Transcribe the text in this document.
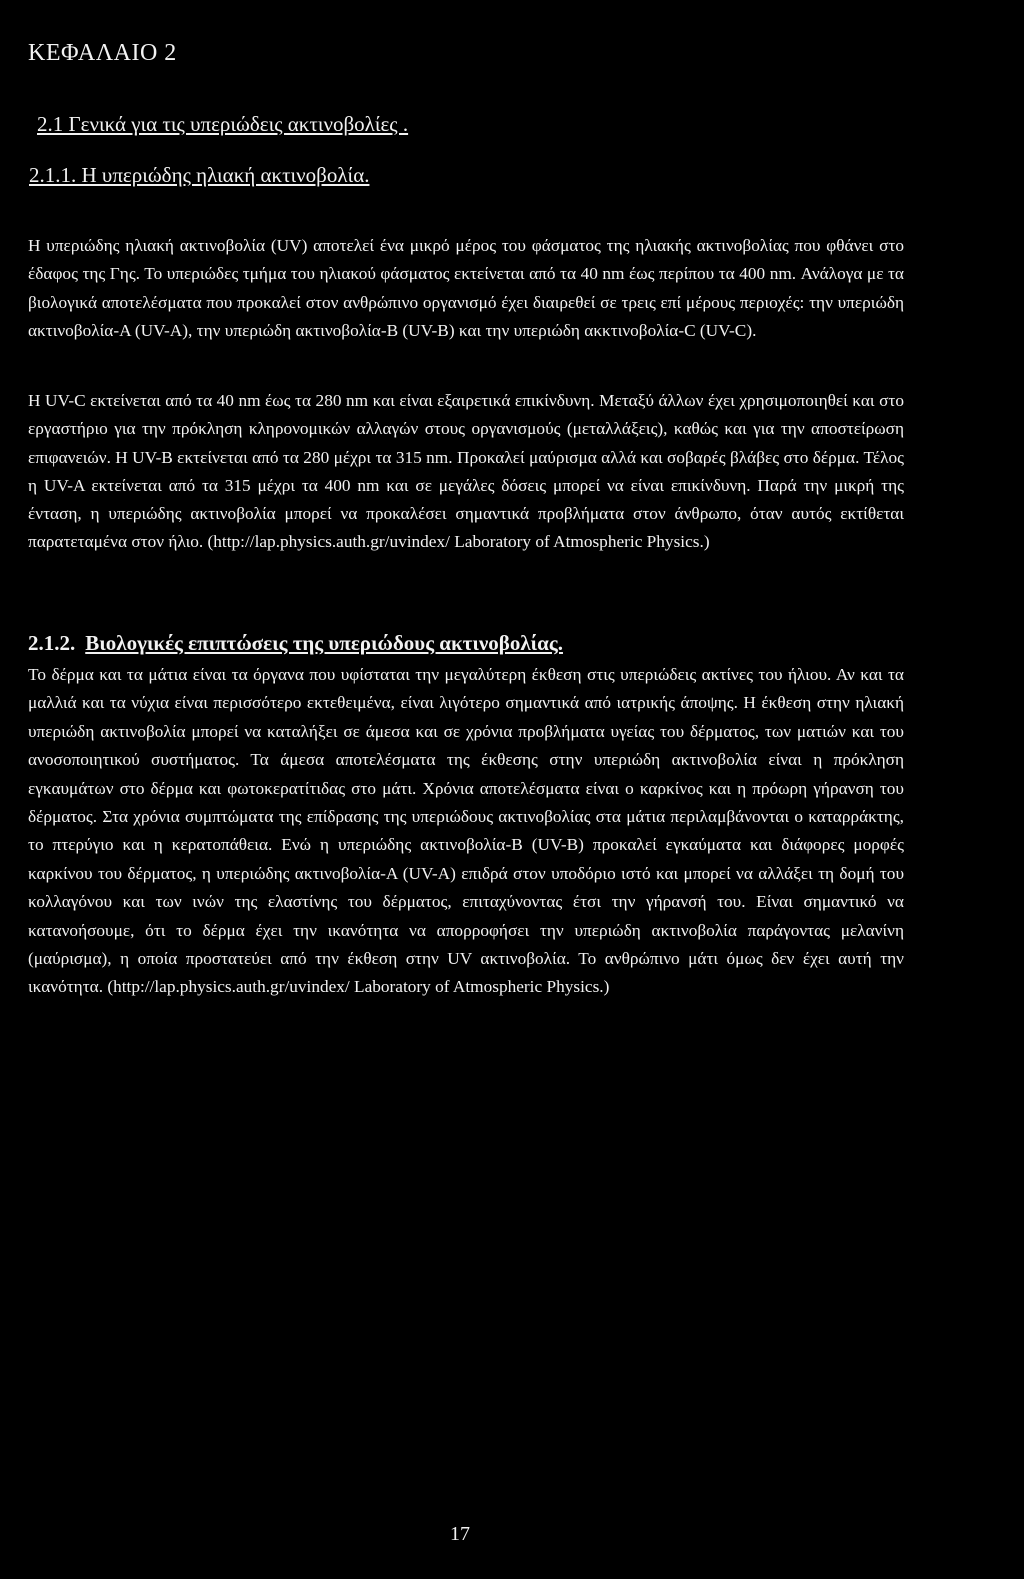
ΚΕΦΑΛΑΙΟ 2
2.1 Γενικά για τις υπεριώδεις ακτινοβολίες .
2.1.1. Η υπεριώδης ηλιακή ακτινοβολία.

Η υπεριώδης ηλιακή ακτινοβολία (UV) αποτελεί ένα μικρό μέρος του φάσματος της ηλιακής ακτινοβολίας που φθάνει στο έδαφος της Γης. Το υπεριώδες τμήμα του ηλιακού φάσματος εκτείνεται από τα 40 nm έως περίπου τα 400 nm. Ανάλογα με τα βιολογικά αποτελέσματα που προκαλεί στον ανθρώπινο οργανισμό έχει διαιρεθεί σε τρεις επί μέρους περιοχές: την υπεριώδη ακτινοβολία-A (UV-A), την υπεριώδη ακτινοβολία-B (UV-B) και την υπεριώδη ακκτινοβολία-C (UV-C).

Η UV-C εκτείνεται από τα 40 nm έως τα 280 nm και είναι εξαιρετικά επικίνδυνη. Μεταξύ άλλων έχει χρησιμοποιηθεί και στο εργαστήριο για την πρόκληση κληρονομικών αλλαγών στους οργανισμούς (μεταλλάξεις), καθώς και για την αποστείρωση επιφανειών. Η UV-B εκτείνεται από τα 280 μέχρι τα 315 nm. Προκαλεί μαύρισμα αλλά και σοβαρές βλάβες στο δέρμα. Τέλος η UV-A εκτείνεται από τα 315 μέχρι τα 400 nm και σε μεγάλες δόσεις μπορεί να είναι επικίνδυνη. Παρά την μικρή της ένταση, η υπεριώδης ακτινοβολία μπορεί να προκαλέσει σημαντικά προβλήματα στον άνθρωπο, όταν αυτός εκτίθεται παρατεταμένα στον ήλιο. (http://lap.physics.auth.gr/uvindex/ Laboratory of Atmospheric Physics.)

2.1.2. Βιολογικές επιπτώσεις της υπεριώδους ακτινοβολίας.

Το δέρμα και τα μάτια είναι τα όργανα που υφίσταται την μεγαλύτερη έκθεση στις υπεριώδεις ακτίνες του ήλιου. Αν και τα μαλλιά και τα νύχια είναι περισσότερο εκτεθειμένα, είναι λιγότερο σημαντικά από ιατρικής άποψης. Η έκθεση στην ηλιακή υπεριώδη ακτινοβολία μπορεί να καταλήξει σε άμεσα και σε χρόνια προβλήματα υγείας του δέρματος, των ματιών και του ανοσοποιητικού συστήματος. Τα άμεσα αποτελέσματα της έκθεσης στην υπεριώδη ακτινοβολία είναι η πρόκληση εγκαυμάτων στο δέρμα και φωτοκερατίτιδας στο μάτι. Χρόνια αποτελέσματα είναι ο καρκίνος και η πρόωρη γήρανση του δέρματος. Στα χρόνια συμπτώματα της επίδρασης της υπεριώδους ακτινοβολίας στα μάτια περιλαμβάνονται ο καταρράκτης, το πτερύγιο και η κερατοπάθεια. Ενώ η υπεριώδης ακτινοβολία-B (UV-B) προκαλεί εγκαύματα και διάφορες μορφές καρκίνου του δέρματος, η υπεριώδης ακτινοβολία-A (UV-A) επιδρά στον υποδόριο ιστό και μπορεί να αλλάξει τη δομή του κολλαγόνου και των ινών της ελαστίνης του δέρματος, επιταχύνοντας έτσι την γήρανσή του. Είναι σημαντικό να κατανοήσουμε, ότι το δέρμα έχει την ικανότητα να απορροφήσει την υπεριώδη ακτινοβολία παράγοντας μελανίνη (μαύρισμα), η οποία προστατεύει από την έκθεση στην UV ακτινοβολία. Το ανθρώπινο μάτι όμως δεν έχει αυτή την ικανότητα. (http://lap.physics.auth.gr/uvindex/ Laboratory of Atmospheric Physics.)

17
